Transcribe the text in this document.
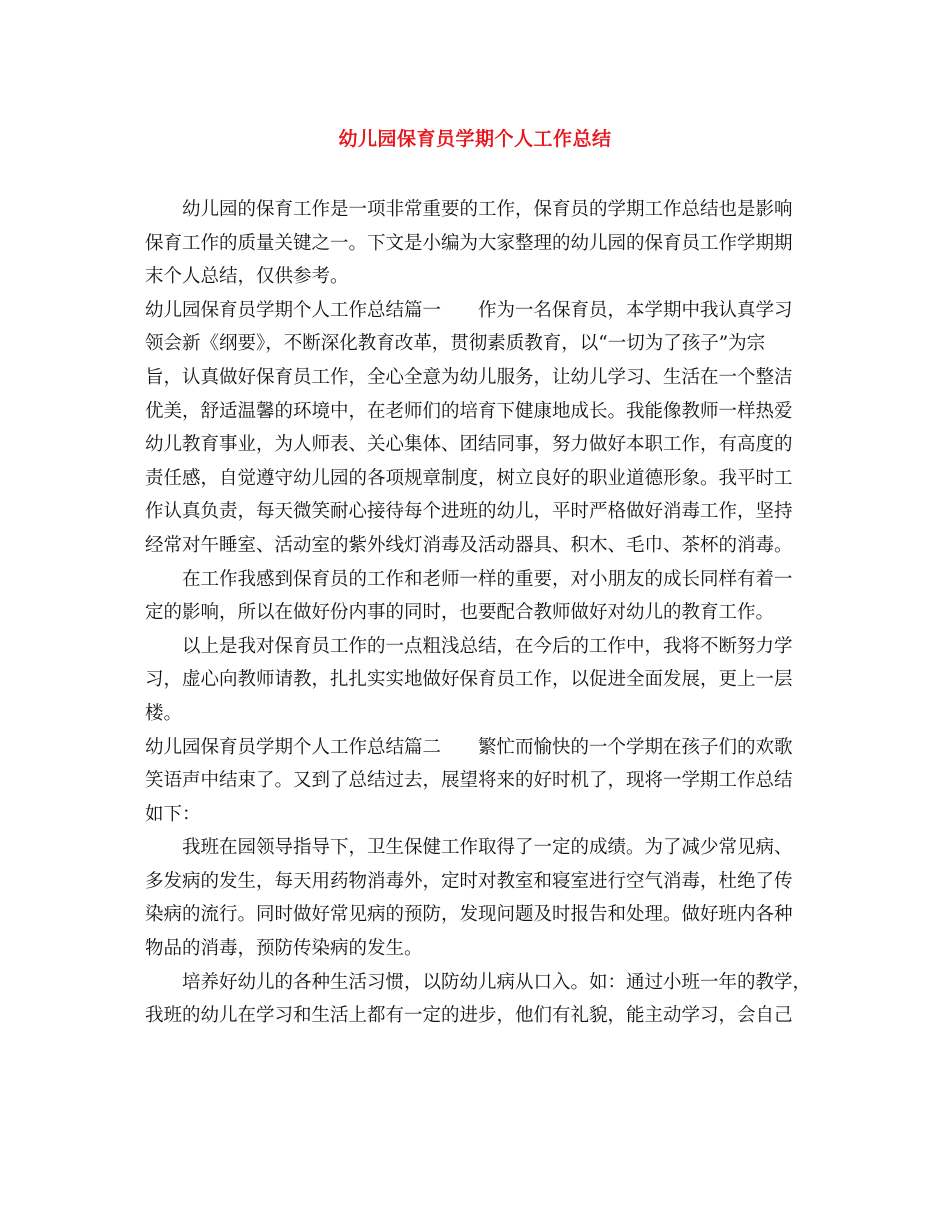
幼儿园保育员学期个人工作总结
幼儿园的保育工作是一项非常重要的工作，保育员的学期工作总结也是影响
保育工作的质量关键之一。下文是小编为大家整理的幼儿园的保育员工作学期期
末个人总结，仅供参考。
幼儿园保育员学期个人工作总结篇一　　作为一名保育员，本学期中我认真学习
领会新《纲要》，不断深化教育改革，贯彻素质教育，以“一切为了孩子”为宗
旨，认真做好保育员工作，全心全意为幼儿服务，让幼儿学习、生活在一个整洁
优美，舒适温馨的环境中，在老师们的培育下健康地成长。我能像教师一样热爱
幼儿教育事业，为人师表、关心集体、团结同事，努力做好本职工作，有高度的
责任感，自觉遵守幼儿园的各项规章制度，树立良好的职业道德形象。我平时工
作认真负责，每天微笑耐心接待每个进班的幼儿，平时严格做好消毒工作，坚持
经常对午睡室、活动室的紫外线灯消毒及活动器具、积木、毛巾、茶杯的消毒。
在工作我感到保育员的工作和老师一样的重要，对小朋友的成长同样有着一
定的影响，所以在做好份内事的同时，也要配合教师做好对幼儿的教育工作。
以上是我对保育员工作的一点粗浅总结，在今后的工作中，我将不断努力学
习，虚心向教师请教，扎扎实实地做好保育员工作，以促进全面发展，更上一层
楼。
幼儿园保育员学期个人工作总结篇二　　繁忙而愉快的一个学期在孩子们的欢歌
笑语声中结束了。又到了总结过去，展望将来的好时机了，现将一学期工作总结
如下：
我班在园领导指导下，卫生保健工作取得了一定的成绩。为了减少常见病、
多发病的发生，每天用药物消毒外，定时对教室和寝室进行空气消毒，杜绝了传
染病的流行。同时做好常见病的预防，发现问题及时报告和处理。做好班内各种
物品的消毒，预防传染病的发生。
培养好幼儿的各种生活习惯，以防幼儿病从口入。如：通过小班一年的教学，
我班的幼儿在学习和生活上都有一定的进步，他们有礼貌，能主动学习，会自己
